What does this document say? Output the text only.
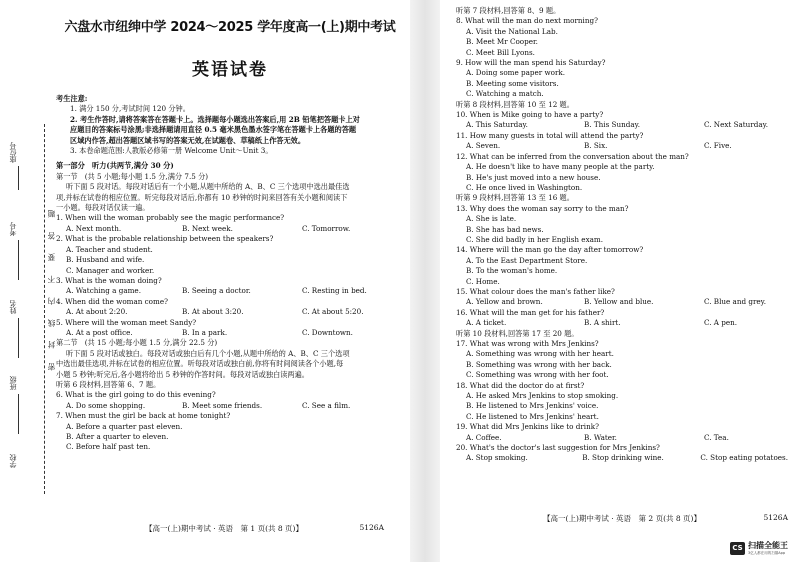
座位号
考号
姓名
班级
学校
密 封 线 内 不 要 答 题
六盘水市纽绅中学 2024～2025 学年度高一(上)期中考试
英语试卷
考生注意:
1. 满分 150 分,考试时间 120 分钟。
2. 考生作答时,请将答案答在答题卡上。选择题每小题选出答案后,用 2B 铅笔把答题卡上对
应题目的答案标号涂黑;非选择题请用直径 0.5 毫米黑色墨水签字笔在答题卡上各题的答题
区域内作答,超出答题区域书写的答案无效,在试题卷、草稿纸上作答无效。
3. 本卷命题范围:人教版必修第一册 Welcome Unit～Unit 3。
第一部分　听力(共两节,满分 30 分)
第一节　(共 5 小题;每小题 1.5 分,满分 7.5 分)
听下面 5 段对话。每段对话后有一个小题,从题中所给的 A、B、C 三个选项中选出最佳选
项,并标在试卷的相应位置。听完每段对话后,你都有 10 秒钟的时间来回答有关小题和阅读下
一小题。每段对话仅读一遍。
1. When will the woman probably see the magic performance?
A. Next month.	B. Next week.	C. Tomorrow.
2. What is the probable relationship between the speakers?
A. Teacher and student.
B. Husband and wife.
C. Manager and worker.
3. What is the woman doing?
A. Watching a game.	B. Seeing a doctor.	C. Resting in bed.
4. When did the woman come?
A. At about 2:20.	B. At about 3:20.	C. At about 5:20.
5. Where will the woman meet Sandy?
A. At a post office.	B. In a park.	C. Downtown.
第二节　(共 15 小题;每小题 1.5 分,满分 22.5 分)
听下面 5 段对话或独白。每段对话或独白后有几个小题,从题中所给的 A、B、C 三个选项
中选出最佳选项,并标在试卷的相应位置。听每段对话或独白前,你将有时间阅读各个小题,每
小题 5 秒钟;听完后,各小题将给出 5 秒钟的作答时间。每段对话或独白读两遍。
听第 6 段材料,回答第 6、7 题。
6. What is the girl going to do this evening?
A. Do some shopping.	B. Meet some friends.	C. See a film.
7. When must the girl be back at home tonight?
A. Before a quarter past eleven.
B. After a quarter to eleven.
C. Before half past ten.
【高一(上)期中考试 · 英语　第 1 页(共 8 页)】	5126A
听第 7 段材料,回答第 8、9 题。
8. What will the man do next morning?
A. Visit the National Lab.
B. Meet Mr Cooper.
C. Meet Bill Lyons.
9. How will the man spend his Saturday?
A. Doing some paper work.
B. Meeting some visitors.
C. Watching a match.
听第 8 段材料,回答第 10 至 12 题。
10. When is Mike going to have a party?
A. This Saturday.	B. This Sunday.	C. Next Saturday.
11. How many guests in total will attend the party?
A. Seven.	B. Six.	C. Five.
12. What can be inferred from the conversation about the man?
A. He doesn't like to have many people at the party.
B. He's just moved into a new house.
C. He once lived in Washington.
听第 9 段材料,回答第 13 至 16 题。
13. Why does the woman say sorry to the man?
A. She is late.
B. She has bad news.
C. She did badly in her English exam.
14. Where will the man go the day after tomorrow?
A. To the East Department Store.
B. To the woman's home.
C. Home.
15. What colour does the man's father like?
A. Yellow and brown.	B. Yellow and blue.	C. Blue and grey.
16. What will the man get for his father?
A. A ticket.	B. A shirt.	C. A pen.
听第 10 段材料,回答第 17 至 20 题。
17. What was wrong with Mrs Jenkins?
A. Something was wrong with her heart.
B. Something was wrong with her back.
C. Something was wrong with her foot.
18. What did the doctor do at first?
A. He asked Mrs Jenkins to stop smoking.
B. He listened to Mrs Jenkins' voice.
C. He listened to Mrs Jenkins' heart.
19. What did Mrs Jenkins like to drink?
A. Coffee.	B. Water.	C. Tea.
20. What's the doctor's last suggestion for Mrs Jenkins?
A. Stop smoking.	B. Stop drinking wine.	C. Stop eating potatoes.
【高一(上)期中考试 · 英语　第 2 页(共 8 页)】	5126A
CS 扫描全能王
3亿人都在用的扫描App
